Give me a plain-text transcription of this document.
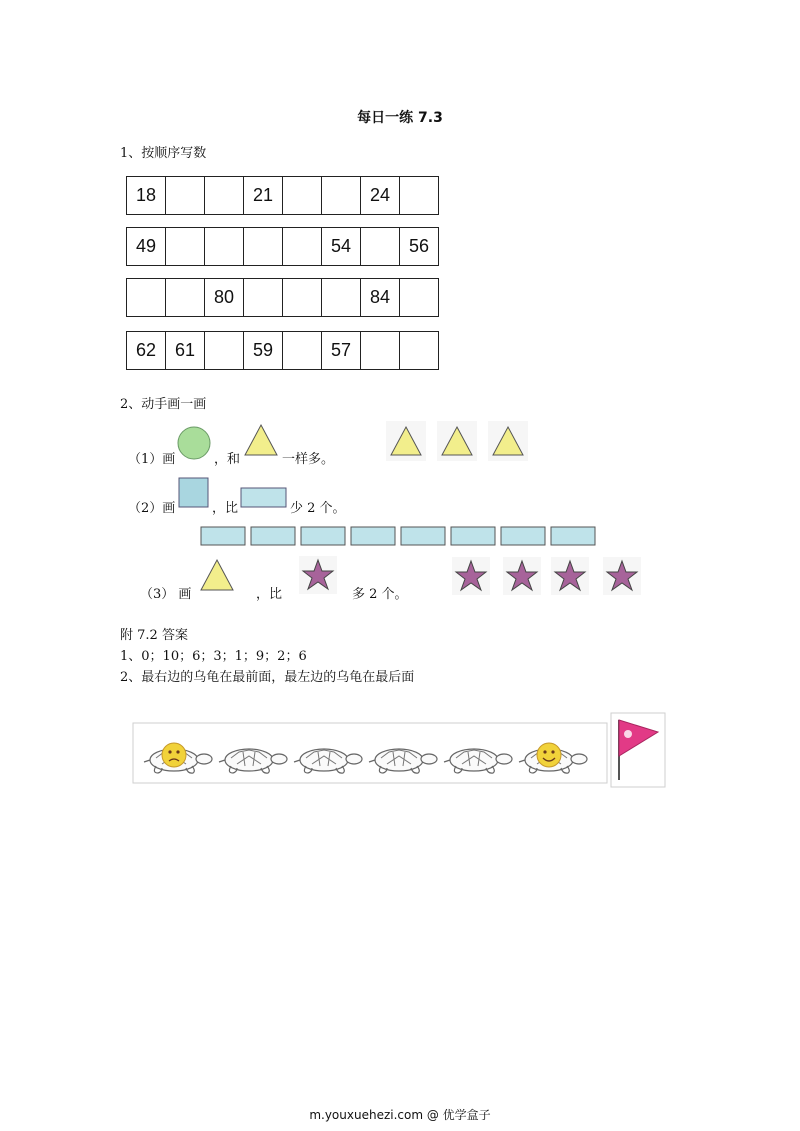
每日一练 7.3
1、按顺序写数
18			21			24	
49					54		56
		80				84	
62	61		59		57		
2、动手画一画
（1）画	，和	一样多。
（2）画	，比	少 2 个。
（3） 画	，比	多 2 个。
附 7.2 答案
1、0；10；6；3；1；9；2；6
2、最右边的乌龟在最前面，最左边的乌龟在最后面
m.youxuehezi.com @ 优学盒子
